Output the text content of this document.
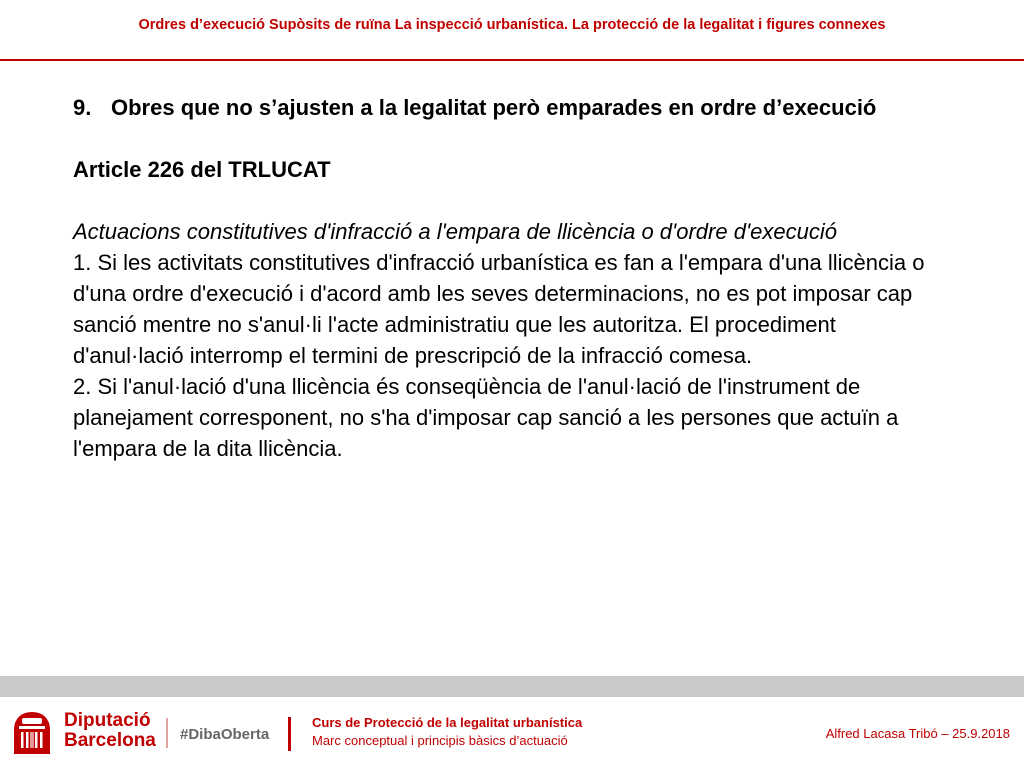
Ordres d’execució Supòsits de ruïna La inspecció urbanística. La protecció de la legalitat i figures connexes
9. Obres que no s’ajusten a la legalitat però emparades en ordre d’execució
Article 226 del TRLUCAT
Actuacions constitutives d'infracció a l'empara de llicència o d'ordre d'execució
1. Si les activitats constitutives d'infracció urbanística es fan a l'empara d'una llicència o d'una ordre d'execució i d'acord amb les seves determinacions, no es pot imposar cap sanció mentre no s'anul·li l'acte administratiu que les autoritza. El procediment d'anul·lació interromp el termini de prescripció de la infracció comesa.
2. Si l'anul·lació d'una llicència és conseqüència de l'anul·lació de l'instrument de planejament corresponent, no s'ha d'imposar cap sanció a les persones que actuïn a l'empara de la dita llicència.
Diputació
Barcelona #DibaOberta
Curs de Protecció de la legalitat urbanística
Marc conceptual i principis bàsics d’actuació	Alfred Lacasa Tribó – 25.9.2018
